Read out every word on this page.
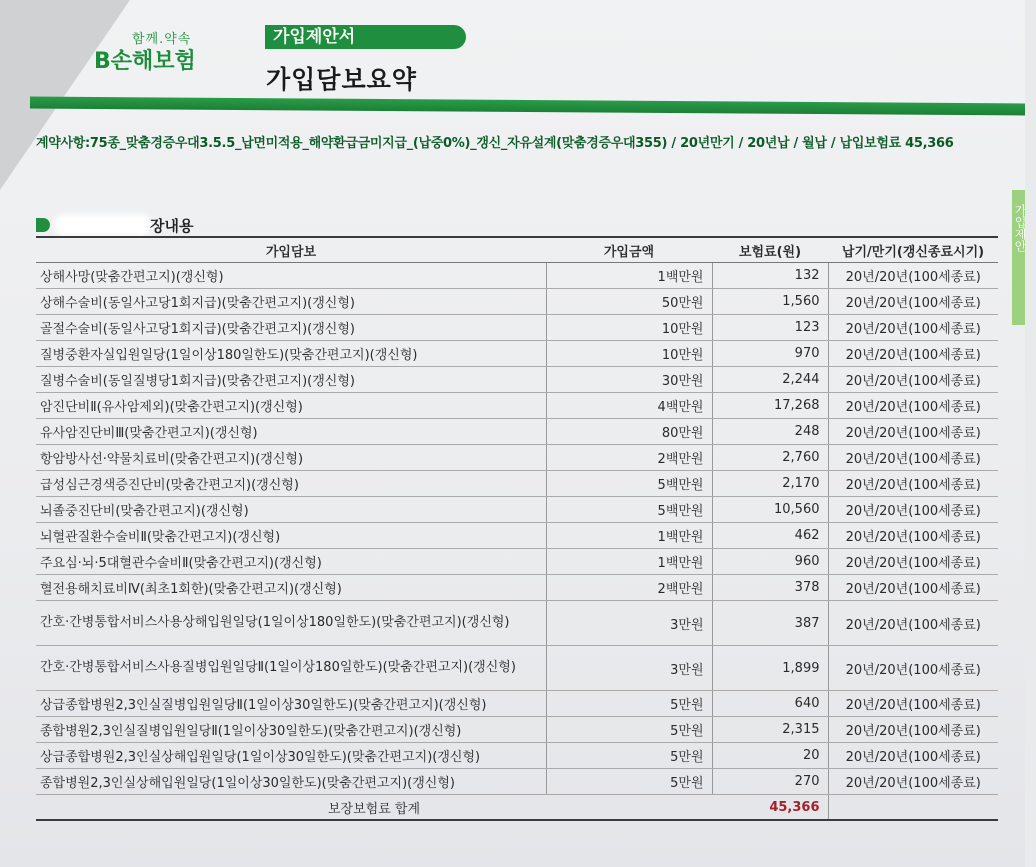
함께.약속
B손해보험
가입제안서
가입담보요약
계약사항:75종_맞춤경증우대3.5.5_납면미적용_해약환급금미지급_(납중0%)_갱신_자유설계(맞춤경증우대355) / 20년만기 / 20년납 / 월납 / 납입보험료 45,366
가입제안
장내용
가입담보	가입금액	보험료(원)	납기/만기(갱신종료시기)
상해사망(맞춤간편고지)(갱신형)	1백만원	132	20년/20년(100세종료)
상해수술비(동일사고당1회지급)(맞춤간편고지)(갱신형)	50만원	1,560	20년/20년(100세종료)
골절수술비(동일사고당1회지급)(맞춤간편고지)(갱신형)	10만원	123	20년/20년(100세종료)
질병중환자실입원일당(1일이상180일한도)(맞춤간편고지)(갱신형)	10만원	970	20년/20년(100세종료)
질병수술비(동일질병당1회지급)(맞춤간편고지)(갱신형)	30만원	2,244	20년/20년(100세종료)
암진단비Ⅱ(유사암제외)(맞춤간편고지)(갱신형)	4백만원	17,268	20년/20년(100세종료)
유사암진단비Ⅲ(맞춤간편고지)(갱신형)	80만원	248	20년/20년(100세종료)
항암방사선·약물치료비(맞춤간편고지)(갱신형)	2백만원	2,760	20년/20년(100세종료)
급성심근경색증진단비(맞춤간편고지)(갱신형)	5백만원	2,170	20년/20년(100세종료)
뇌졸중진단비(맞춤간편고지)(갱신형)	5백만원	10,560	20년/20년(100세종료)
뇌혈관질환수술비Ⅱ(맞춤간편고지)(갱신형)	1백만원	462	20년/20년(100세종료)
주요심·뇌·5대혈관수술비Ⅱ(맞춤간편고지)(갱신형)	1백만원	960	20년/20년(100세종료)
혈전용해치료비Ⅳ(최초1회한)(맞춤간편고지)(갱신형)	2백만원	378	20년/20년(100세종료)
간호·간병통합서비스사용상해입원일당(1일이상180일한도)(맞춤간편고지)(갱신형)	3만원	387	20년/20년(100세종료)
간호·간병통합서비스사용질병입원일당Ⅱ(1일이상180일한도)(맞춤간편고지)(갱신형)	3만원	1,899	20년/20년(100세종료)
상급종합병원2,3인실질병입원일당Ⅱ(1일이상30일한도)(맞춤간편고지)(갱신형)	5만원	640	20년/20년(100세종료)
종합병원2,3인실질병입원일당Ⅱ(1일이상30일한도)(맞춤간편고지)(갱신형)	5만원	2,315	20년/20년(100세종료)
상급종합병원2,3인실상해입원일당(1일이상30일한도)(맞춤간편고지)(갱신형)	5만원	20	20년/20년(100세종료)
종합병원2,3인실상해입원일당(1일이상30일한도)(맞춤간편고지)(갱신형)	5만원	270	20년/20년(100세종료)
보장보험료 합계		45,366	
